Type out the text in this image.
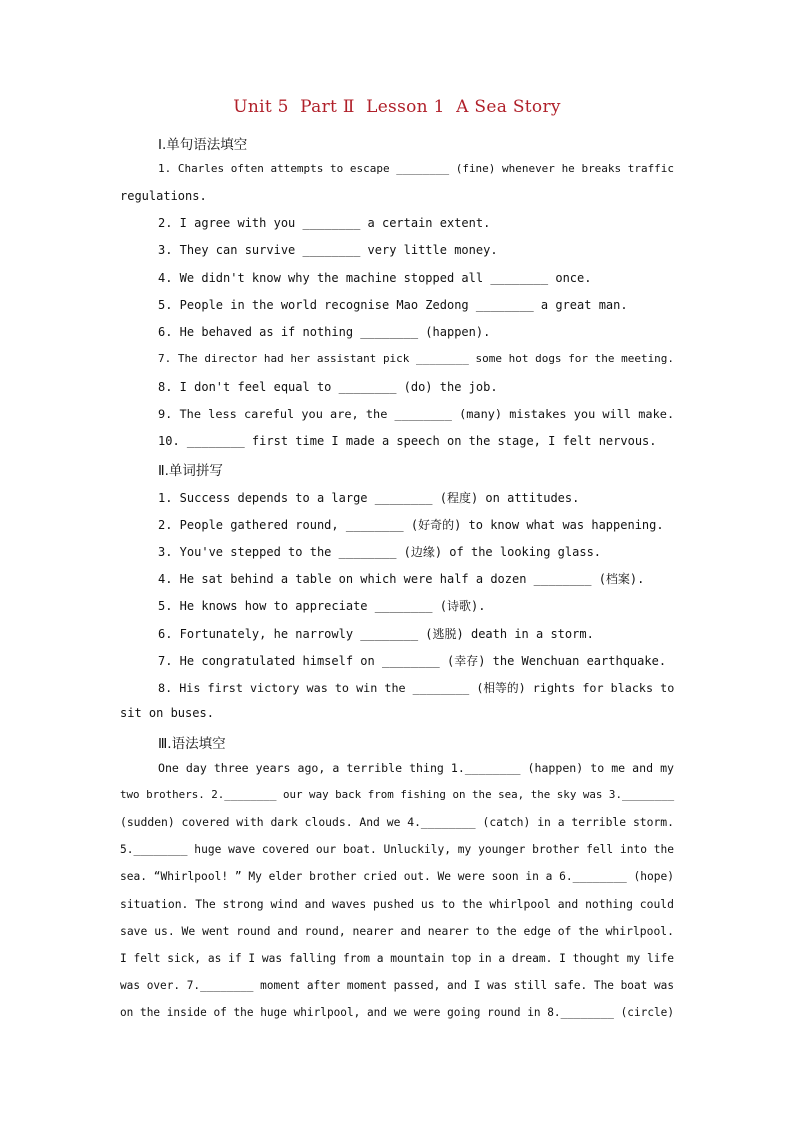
Unit 5  Part Ⅱ  Lesson 1  A Sea Story
Ⅰ.单句语法填空
1. Charles often attempts to escape ________ (fine) whenever he breaks traffic
regulations.
2. I agree with you ________ a certain extent.
3. They can survive ________ very little money.
4. We didn't know why the machine stopped all ________ once.
5. People in the world recognise Mao Zedong ________ a great man.
6. He behaved as if nothing ________ (happen).
7. The director had her assistant pick ________ some hot dogs for the meeting.
8. I don't feel equal to ________ (do) the job.
9. The less careful you are, the ________ (many) mistakes you will make.
10. ________ first time I made a speech on the stage, I felt nervous.
Ⅱ.单词拼写
1. Success depends to a large ________ (程度) on attitudes.
2. People gathered round, ________ (好奇的) to know what was happening.
3. You've stepped to the ________ (边缘) of the looking glass.
4. He sat behind a table on which were half a dozen ________ (档案).
5. He knows how to appreciate ________ (诗歌).
6. Fortunately, he narrowly ________ (逃脱) death in a storm.
7. He congratulated himself on ________ (幸存) the Wenchuan earthquake.
8. His first victory was to win the ________ (相等的) rights for blacks to
sit on buses.
Ⅲ.语法填空
One day three years ago, a terrible thing 1.________ (happen) to me and my
two brothers. 2.________ our way back from fishing on the sea, the sky was 3.________
(sudden) covered with dark clouds. And we 4.________ (catch) in a terrible storm.
5.________ huge wave covered our boat. Unluckily, my younger brother fell into the
sea. “Whirlpool! ” My elder brother cried out. We were soon in a 6.________ (hope)
situation. The strong wind and waves pushed us to the whirlpool and nothing could
save us. We went round and round, nearer and nearer to the edge of the whirlpool.
I felt sick, as if I was falling from a mountain top in a dream. I thought my life
was over. 7.________ moment after moment passed, and I was still safe. The boat was
on the inside of the huge whirlpool, and we were going round in 8.________ (circle)
